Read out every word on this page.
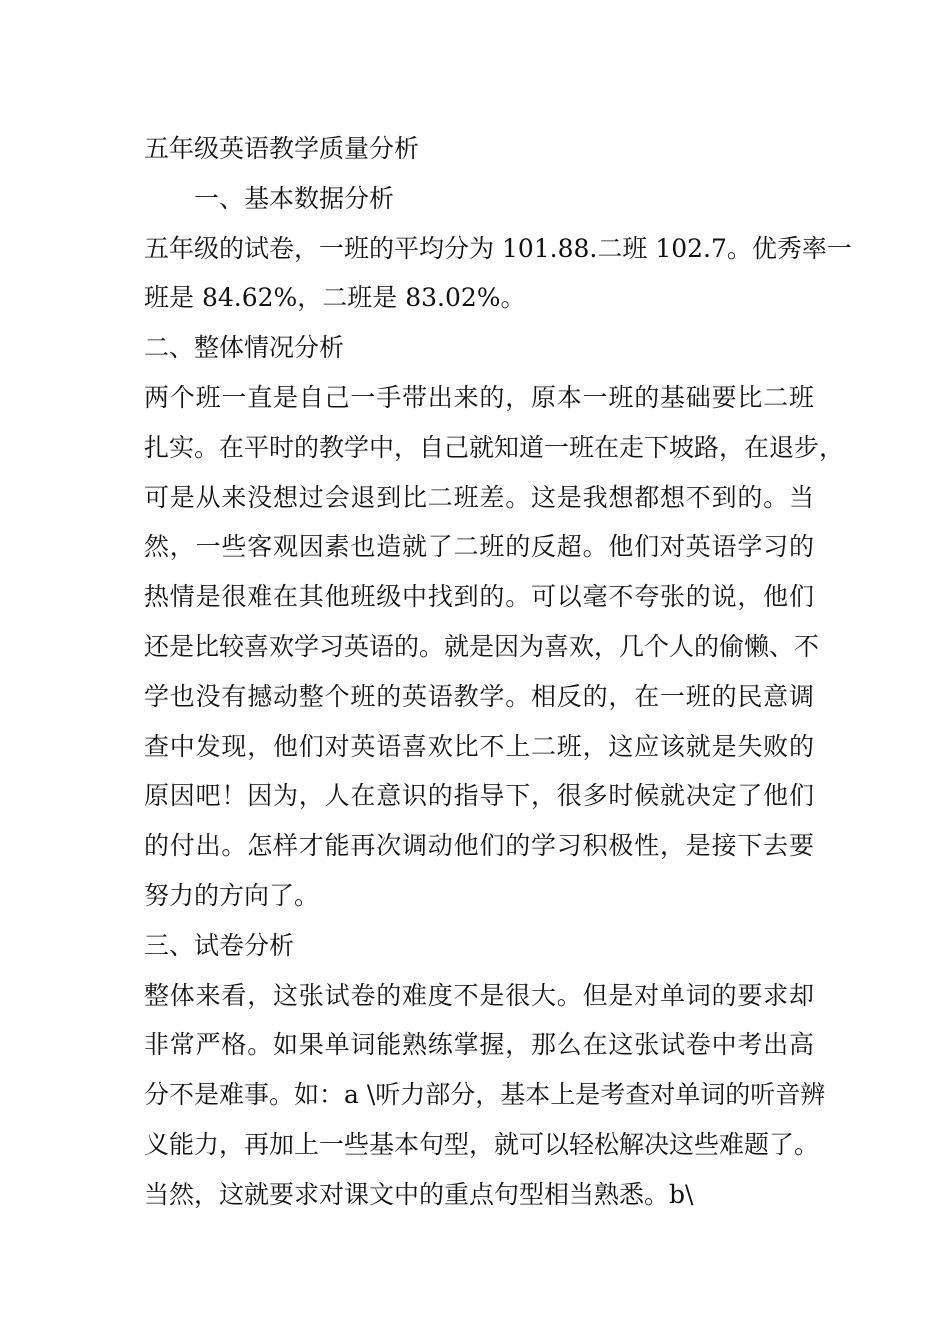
五年级英语教学质量分析
一、基本数据分析
五年级的试卷，一班的平均分为 101.88.二班 102.7。优秀率一
班是 84.62%，二班是 83.02%。
二、整体情况分析
两个班一直是自己一手带出来的，原本一班的基础要比二班
扎实。在平时的教学中，自己就知道一班在走下坡路，在退步，
可是从来没想过会退到比二班差。这是我想都想不到的。当
然，一些客观因素也造就了二班的反超。他们对英语学习的
热情是很难在其他班级中找到的。可以毫不夸张的说，他们
还是比较喜欢学习英语的。就是因为喜欢，几个人的偷懒、不
学也没有撼动整个班的英语教学。相反的，在一班的民意调
查中发现，他们对英语喜欢比不上二班，这应该就是失败的
原因吧！因为，人在意识的指导下，很多时候就决定了他们
的付出。怎样才能再次调动他们的学习积极性，是接下去要
努力的方向了。
三、试卷分析
整体来看，这张试卷的难度不是很大。但是对单词的要求却
非常严格。如果单词能熟练掌握，那么在这张试卷中考出高
分不是难事。如：a \听力部分，基本上是考查对单词的听音辨
义能力，再加上一些基本句型，就可以轻松解决这些难题了。
当然，这就要求对课文中的重点句型相当熟悉。b\
